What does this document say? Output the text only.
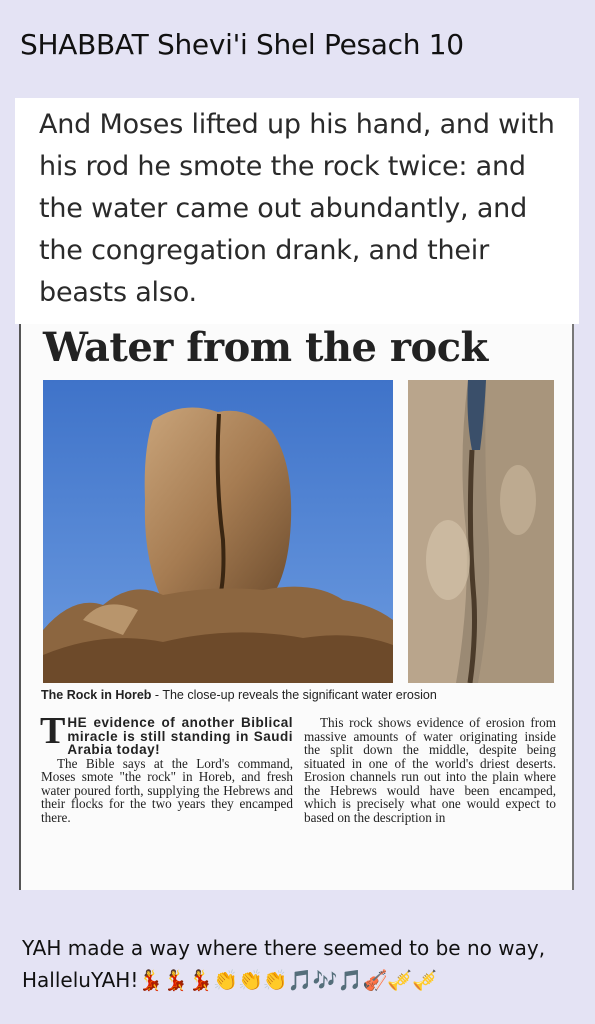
SHABBAT Shevi'i Shel Pesach 10
And Moses lifted up his hand, and with his rod he smote the rock twice: and the water came out abundantly, and the congregation drank, and their beasts also.
Water from the rock
The Rock in Horeb - The close-up reveals the significant water erosion
THE evidence of another Biblical miracle is still standing in Saudi Arabia today!

The Bible says at the Lord's command, Moses smote "the rock" in Horeb, and fresh water poured forth, supplying the Hebrews and their flocks for the two years they encamped there.

This rock shows evidence of erosion from massive amounts of water originating inside the split down the middle, despite being situated in one of the world's driest deserts. Erosion channels run out into the plain where the Hebrews would have been encamped, which is precisely what one would expect to based on the description in

YAH made a way where there seemed to be no way, HalleluYAH!💃💃💃👏👏👏🎵🎶🎵🎻🎺🎺
